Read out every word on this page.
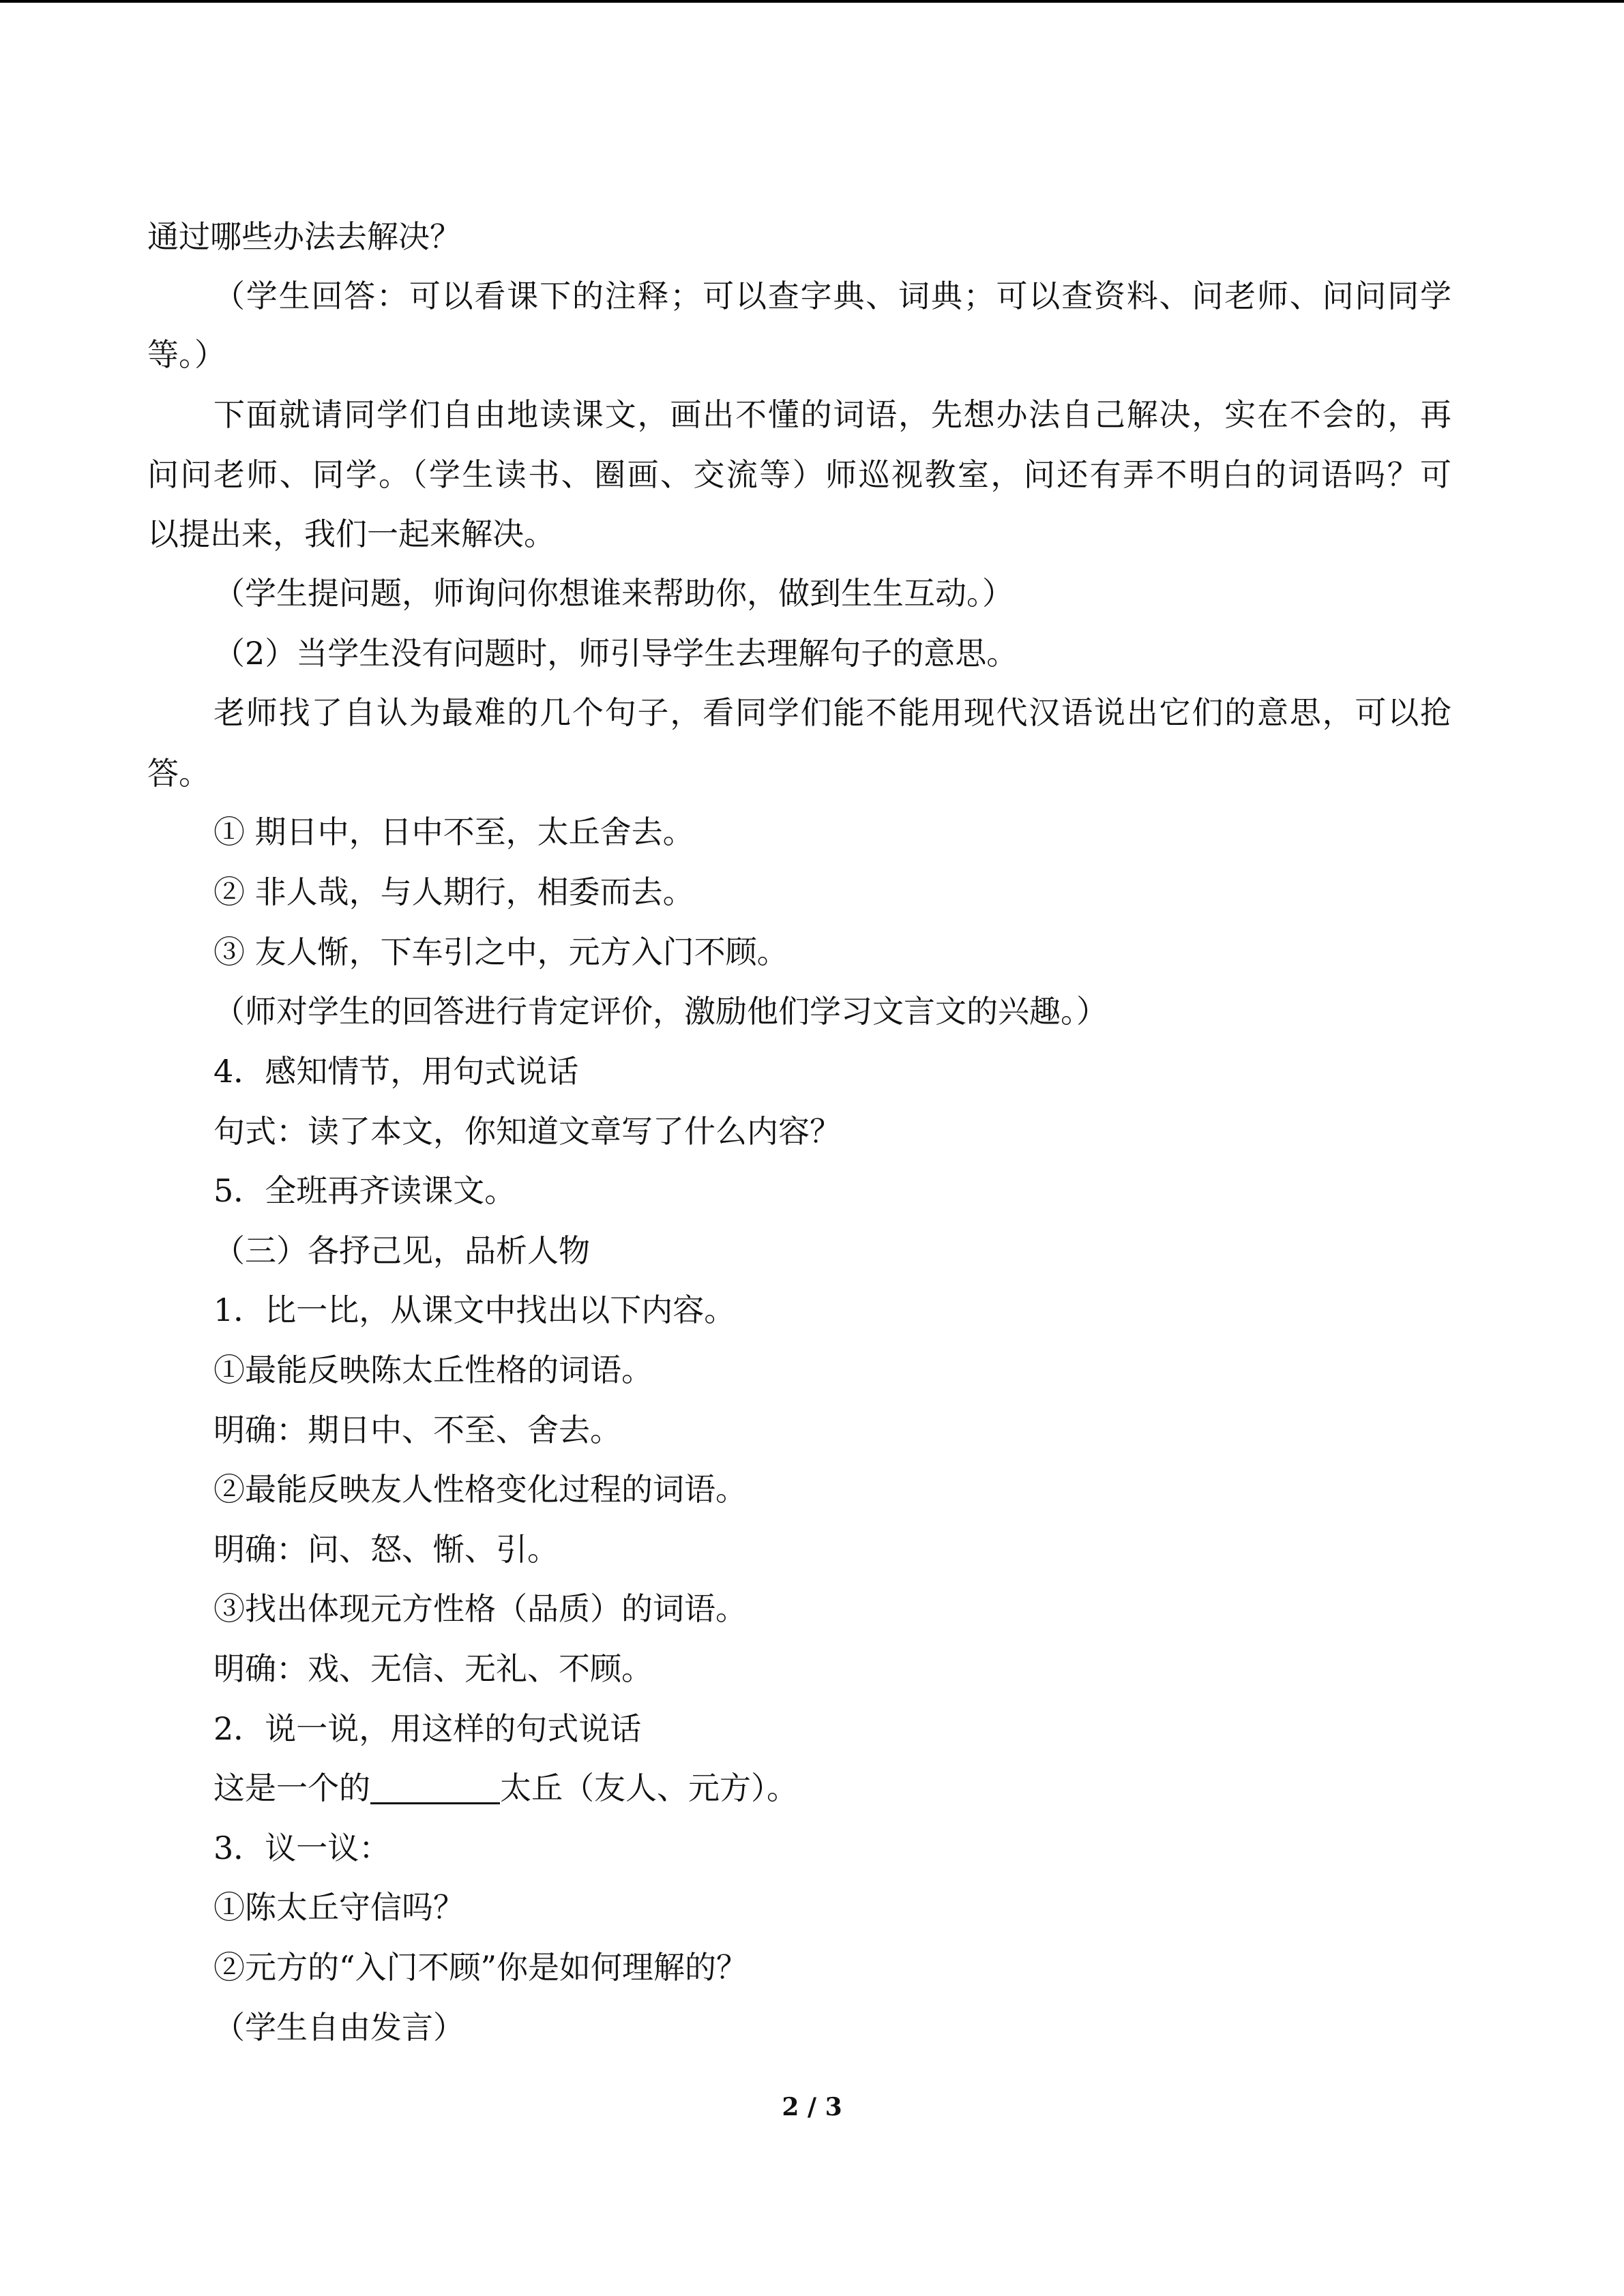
通过哪些办法去解决？
（学生回答：可以看课下的注释；可以查字典、词典；可以查资料、问老师、问问同学
等。）
下面就请同学们自由地读课文，画出不懂的词语，先想办法自己解决，实在不会的，再
问问老师、同学。（学生读书、圈画、交流等）师巡视教室，问还有弄不明白的词语吗？可
以提出来，我们一起来解决。
（学生提问题，师询问你想谁来帮助你，做到生生互动。）
（2）当学生没有问题时，师引导学生去理解句子的意思。
老师找了自认为最难的几个句子，看同学们能不能用现代汉语说出它们的意思，可以抢
答。
① 期日中，日中不至，太丘舍去。
② 非人哉，与人期行，相委而去。
③ 友人惭，下车引之中，元方入门不顾。
（师对学生的回答进行肯定评价，激励他们学习文言文的兴趣。）
4．感知情节，用句式说话
句式：读了本文，你知道文章写了什么内容？
5．全班再齐读课文。
（三）各抒己见，品析人物
1．比一比，从课文中找出以下内容。
①最能反映陈太丘性格的词语。
明确：期日中、不至、舍去。
②最能反映友人性格变化过程的词语。
明确：问、怒、惭、引。
③找出体现元方性格（品质）的词语。
明确：戏、无信、无礼、不顾。
2．说一说，用这样的句式说话
这是一个的	太丘（友人、元方）。
3．议一议：
①陈太丘守信吗？
②元方的“入门不顾”你是如何理解的？
（学生自由发言）
2 / 3
